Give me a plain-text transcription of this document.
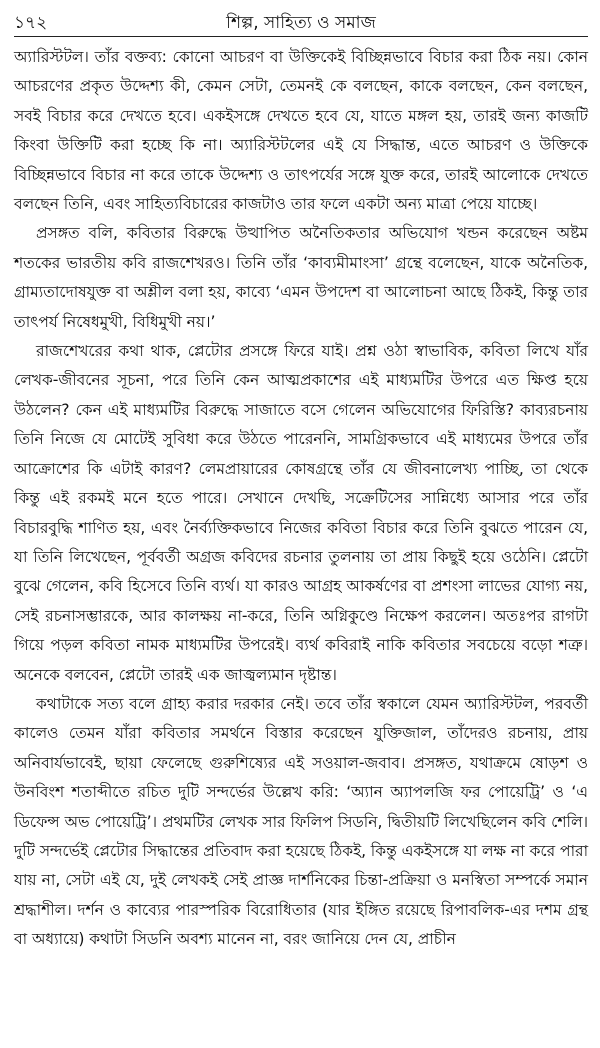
১৭২	শিল্প, সাহিত্য ও সমাজ

অ্যারিস্টটল। তাঁর বক্তব্য: কোনো আচরণ বা উক্তিকেই বিচ্ছিন্নভাবে বিচার করা ঠিক নয়। কোন আচরণের প্রকৃত উদ্দেশ্য কী, কেমন সেটা, তেমনই কে বলছেন, কাকে বলছেন, কেন বলছেন, সবই বিচার করে দেখতে হবে। একইসঙ্গে দেখতে হবে যে, যাতে মঙ্গল হয়, তারই জন্য কাজটি কিংবা উক্তিটি করা হচ্ছে কি না। অ্যারিস্টটলের এই যে সিদ্ধান্ত, এতে আচরণ ও উক্তিকে বিচ্ছিন্নভাবে বিচার না করে তাকে উদ্দেশ্য ও তাৎপর্যের সঙ্গে যুক্ত করে, তারই আলোকে দেখতে বলছেন তিনি, এবং সাহিত্যবিচারের কাজটাও তার ফলে একটা অন্য মাত্রা পেয়ে যাচ্ছে।

প্রসঙ্গত বলি, কবিতার বিরুদ্ধে উত্থাপিত অনৈতিকতার অভিযোগ খন্ডন করেছেন অষ্টম শতকের ভারতীয় কবি রাজশেখরও। তিনি তাঁর ‘কাব্যমীমাংসা’ গ্রন্থে বলেছেন, যাকে অনৈতিক, গ্রাম্যতাদোষযুক্ত বা অশ্লীল বলা হয়, কাব্যে ‘এমন উপদেশ বা আলোচনা আছে ঠিকই, কিন্তু তার তাৎপর্য নিষেধমুখী, বিধিমুখী নয়।’

রাজশেখরের কথা থাক, প্লেটোর প্রসঙ্গে ফিরে যাই। প্রশ্ন ওঠা স্বাভাবিক, কবিতা লিখে যাঁর লেখক-জীবনের সূচনা, পরে তিনি কেন আত্মপ্রকাশের এই মাধ্যমটির উপরে এত ক্ষিপ্ত হয়ে উঠলেন? কেন এই মাধ্যমটির বিরুদ্ধে সাজাতে বসে গেলেন অভিযোগের ফিরিস্তি? কাব্যরচনায় তিনি নিজে যে মোটেই সুবিধা করে উঠতে পারেননি, সামগ্রিকভাবে এই মাধ্যমের উপরে তাঁর আক্রোশের কি এটাই কারণ? লেমপ্রায়ারের কোষগ্রন্থে তাঁর যে জীবনালেখ্য পাচ্ছি, তা থেকে কিন্তু এই রকমই মনে হতে পারে। সেখানে দেখছি, সক্রেটিসের সান্নিধ্যে আসার পরে তাঁর বিচারবুদ্ধি শাণিত হয়, এবং নৈর্ব্যক্তিকভাবে নিজের কবিতা বিচার করে তিনি বুঝতে পারেন যে, যা তিনি লিখেছেন, পূর্ববর্তী অগ্রজ কবিদের রচনার তুলনায় তা প্রায় কিছুই হয়ে ওঠেনি। প্লেটো বুঝে গেলেন, কবি হিসেবে তিনি ব্যর্থ। যা কারও আগ্রহ আকর্ষণের বা প্রশংসা লাভের যোগ্য নয়, সেই রচনাসম্ভারকে, আর কালক্ষয় না-করে, তিনি অগ্নিকুণ্ডে নিক্ষেপ করলেন। অতঃপর রাগটা গিয়ে পড়ল কবিতা নামক মাধ্যমটির উপরেই। ব্যর্থ কবিরাই নাকি কবিতার সবচেয়ে বড়ো শত্রু। অনেকে বলবেন, প্লেটো তারই এক জাজ্বল্যমান দৃষ্টান্ত।

কথাটাকে সত্য বলে গ্রাহ্য করার দরকার নেই। তবে তাঁর স্বকালে যেমন অ্যারিস্টটল, পরবর্তী কালেও তেমন যাঁরা কবিতার সমর্থনে বিস্তার করেছেন যুক্তিজাল, তাঁদেরও রচনায়, প্রায় অনিবার্যভাবেই, ছায়া ফেলেছে গুরুশিষ্যের এই সওয়াল-জবাব। প্রসঙ্গত, যথাক্রমে ষোড়শ ও উনবিংশ শতাব্দীতে রচিত দুটি সন্দর্ভের উল্লেখ করি: ‘অ্যান অ্যাপলজি ফর পোয়েট্রি’ ও ‘এ ডিফেন্স অভ পোয়েট্রি’। প্রথমটির লেখক সার ফিলিপ সিডনি, দ্বিতীয়টি লিখেছিলেন কবি শেলি। দুটি সন্দর্ভেই প্লেটোর সিদ্ধান্তের প্রতিবাদ করা হয়েছে ঠিকই, কিন্তু একইসঙ্গে যা লক্ষ না করে পারা যায় না, সেটা এই যে, দুই লেখকই সেই প্রাজ্ঞ দার্শনিকের চিন্তা-প্রক্রিয়া ও মনস্বিতা সম্পর্কে সমান শ্রদ্ধাশীল। দর্শন ও কাব্যের পারস্পরিক বিরোধিতার (যার ইঙ্গিত রয়েছে রিপাবলিক-এর দশম গ্রন্থ বা অধ্যায়ে) কথাটা সিডনি অবশ্য মানেন না, বরং জানিয়ে দেন যে, প্রাচীন
